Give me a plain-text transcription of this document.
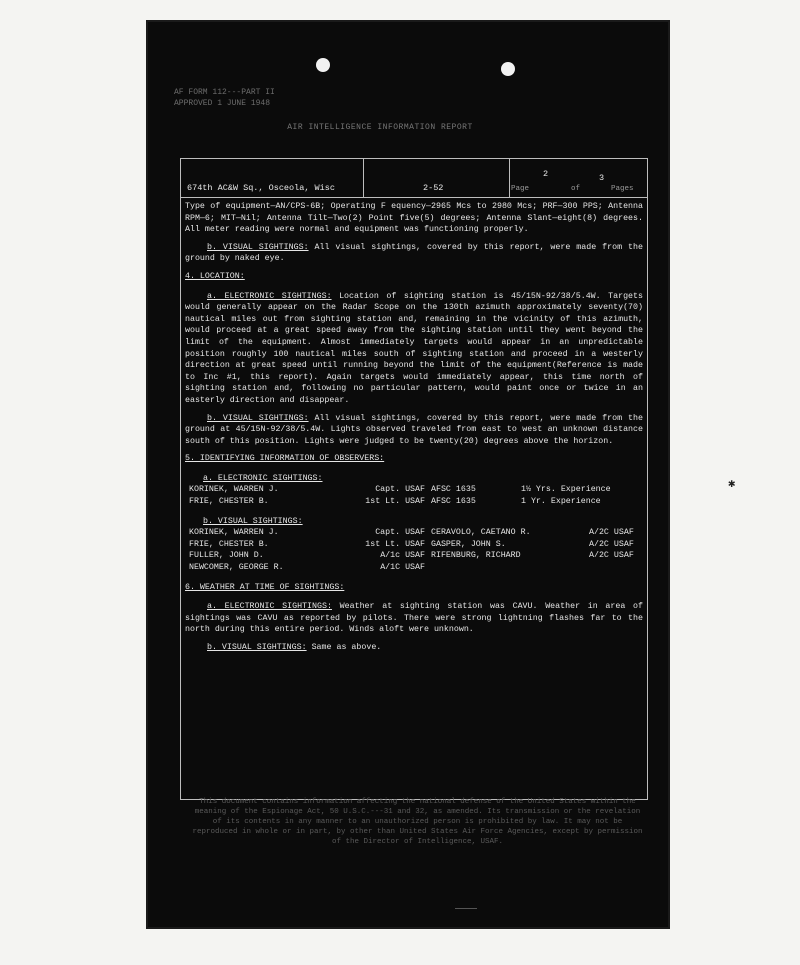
AF FORM 112---PART II
APPROVED 1 JUNE 1948
AIR INTELLIGENCE INFORMATION REPORT
674th AC&W Sq., Osceola, Wisc	2-52
2	3
Page	of	Pages

Type of equipment—AN/CPS-6B; Operating F equency—2965 Mcs to 2980 Mcs; PRF—300 PPS; Antenna RPM—6; MIT—Nil; Antenna Tilt—Two(2) Point five(5) degrees; Antenna Slant—eight(8) degrees. All meter reading were normal and equipment was functioning properly.

b. VISUAL SIGHTINGS: All visual sightings, covered by this report, were made from the ground by naked eye.

4. LOCATION:

a. ELECTRONIC SIGHTINGS: Location of sighting station is 45/15N-92/38/5.4W. Targets would generally appear on the Radar Scope on the 130th azimuth approximately seventy(70) nautical miles out from sighting station and, remaining in the vicinity of this azimuth, would proceed at a great speed away from the sighting station until they went beyond the limit of the equipment. Almost immediately targets would appear in an unpredictable position roughly 100 nautical miles south of sighting station and proceed in a westerly direction at great speed until running beyond the limit of the equipment(Reference is made to Inc #1, this report). Again targets would immediately appear, this time north of sighting station and, following no particular pattern, would paint once or twice in an easterly direction and disappear.

b. VISUAL SIGHTINGS: All visual sightings, covered by this report, were made from the ground at 45/15N-92/38/5.4W. Lights observed traveled from east to west an unknown distance south of this position. Lights were judged to be twenty(20) degrees above the horizon.

5. IDENTIFYING INFORMATION OF OBSERVERS:
a. ELECTRONIC SIGHTINGS:
KORINEK, WARREN J.	Capt. USAF AFSC 1635	1½ Yrs. Experience
FRIE, CHESTER B.	1st Lt. USAF AFSC 1635	1 Yr. Experience
b. VISUAL SIGHTINGS:
KORINEK, WARREN J.	Capt. USAF CERAVOLO, CAETANO R.	A/2C USAF
FRIE, CHESTER B.	1st Lt. USAF GASPER, JOHN S.	A/2C USAF
FULLER, JOHN D.	A/1c USAF RIFENBURG, RICHARD	A/2C USAF
NEWCOMER, GEORGE R.	A/1C USAF
6. WEATHER AT TIME OF SIGHTINGS:

a. ELECTRONIC SIGHTINGS: Weather at sighting station was CAVU. Weather in area of sightings was CAVU as reported by pilots. There were strong lightning flashes far to the north during this entire period. Winds aloft were unknown.

b. VISUAL SIGHTINGS: Same as above.

This document contains information affecting the national defense of the United States within the meaning of the Espionage Act, 50 U.S.C.---31 and 32, as amended. Its transmission or the revelation of its contents in any manner to an unauthorized person is prohibited by law. It may not be reproduced in whole or in part, by other than United States Air Force Agencies, except by permission of the Director of Intelligence, USAF.
✱
